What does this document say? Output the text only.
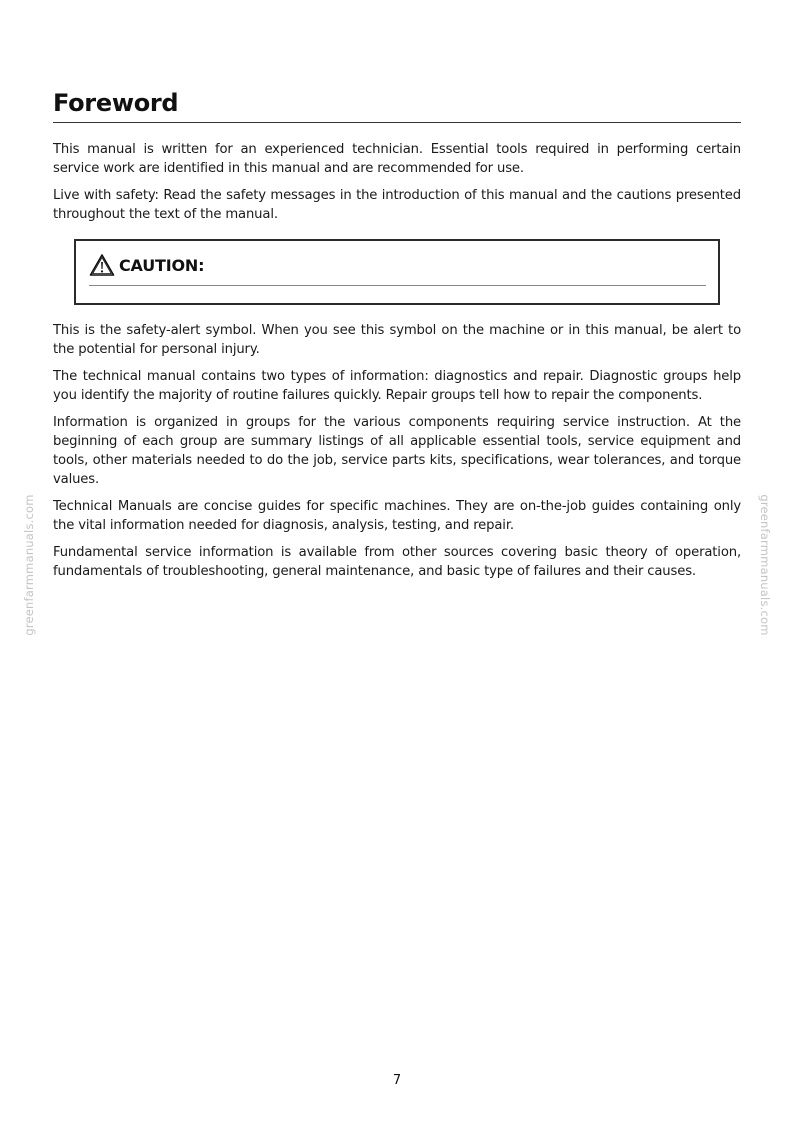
Foreword

This manual is written for an experienced technician. Essential tools required in performing certain service work are identified in this manual and are recommended for use.

Live with safety: Read the safety messages in the introduction of this manual and the cautions presented throughout the text of the manual.

CAUTION:

This is the safety-alert symbol. When you see this symbol on the machine or in this manual, be alert to the potential for personal injury.

The technical manual contains two types of information: diagnostics and repair. Diagnostic groups help you identify the majority of routine failures quickly. Repair groups tell how to repair the components.

Information is organized in groups for the various components requiring service instruction. At the beginning of each group are summary listings of all applicable essential tools, service equipment and tools, other materials needed to do the job, service parts kits, specifications, wear tolerances, and torque values.

Technical Manuals are concise guides for specific machines. They are on-the-job guides containing only the vital information needed for diagnosis, analysis, testing, and repair.

Fundamental service information is available from other sources covering basic theory of operation, fundamentals of troubleshooting, general maintenance, and basic type of failures and their causes.

greenfarmmanuals.com	greenfarmmanuals.com
7
